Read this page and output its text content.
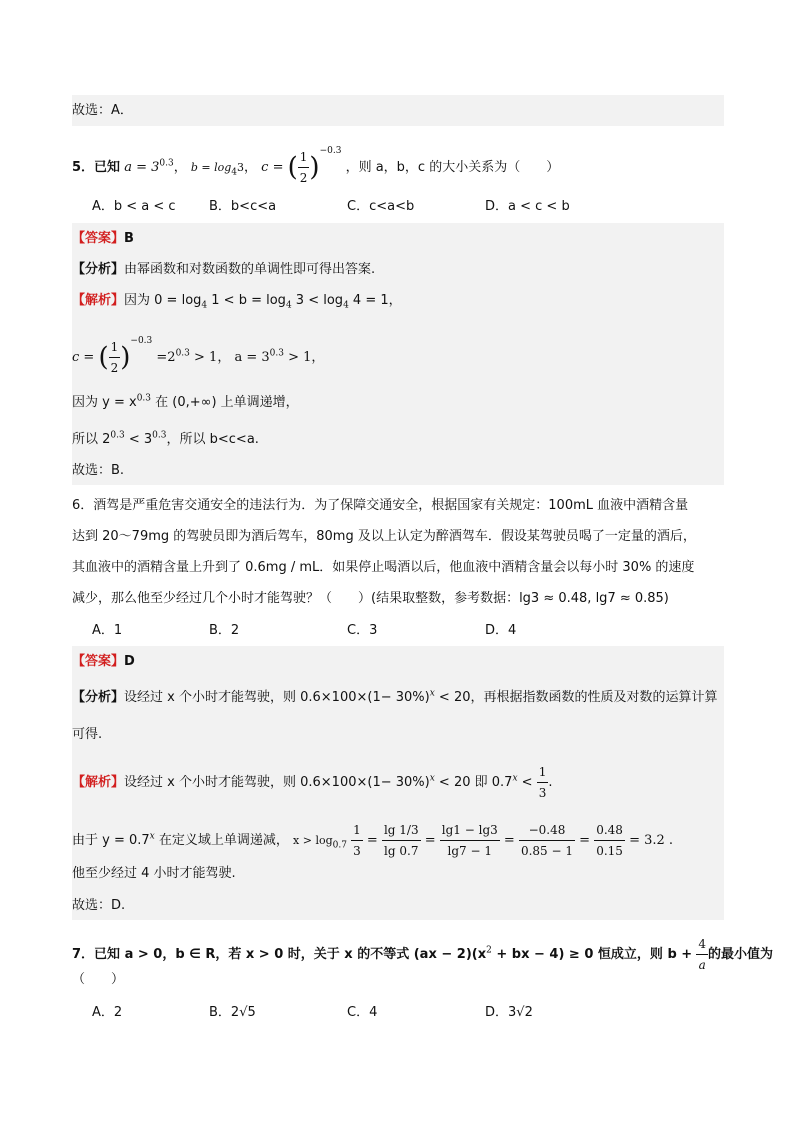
故选：A．
5．已知 $a = 3^{0.3}$， $b = \log_43$， c = ( $\frac{1}{2} )^{-0.3}$ ，则 a，b，c 的大小关系为（　　）
A．b < a < c	B．b<c<a	C．c<a<b	D．a < c < b
【答案】B
【分析】由幂函数和对数函数的单调性即可得出答案.
【解析】因为 $0 = \log_4 1 < b = \log_4 3 < \log_4 4 = 1$，
c = ( $\frac{1}{2} )^{-0.3} =2^{0.3} > 1$， $a = 3^{0.3} > 1$，
因为 $y = x^{0.3}$ 在 (0,+∞) 上单调递增，
所以 $2^{0.3} < 3^{0.3}$，所以 b<c<a.
故选：B.
6．酒驾是严重危害交通安全的违法行为．为了保障交通安全，根据国家有关规定：100mL 血液中酒精含量
达到 20～79mg 的驾驶员即为酒后驾车，80mg 及以上认定为醉酒驾车．假设某驾驶员喝了一定量的酒后，
其血液中的酒精含量上升到了 0.6mg / mL．如果停止喝酒以后，他血液中酒精含量会以每小时 30% 的速度
减少，那么他至少经过几个小时才能驾驶？（　　）(结果取整数，参考数据：lg3 ≈ 0.48, lg7 ≈ 0.85)
A．1	B．2	C．3	D．4
【答案】D
【分析】设经过 x 个小时才能驾驶，则 $0.6\times 100\times(1- 30\%)^x < 20$，再根据指数函数的性质及对数的运算计算
可得.
【解析】设经过 x 个小时才能驾驶，则 $0.6\times 100\times(1- 30\%)^x < 20$ 即 $0.7^x < \frac{1}{3}$ .
由于 $y = 0.7^x$ 在定义域上单调递减， $x > \log_{0.7} \frac{1}{3} = \frac{\lg 1/3}{\lg 0.7} = \frac{\lg 1 - \lg 3}{\lg 7 - 1} = \frac{-0.48}{0.85 - 1} = \frac{0.48}{0.15} = 3.2$ .
他至少经过 4 小时才能驾驶.
故选：D.
7．已知 a > 0，b ∈ R，若 x > 0 时，关于 x 的不等式 $(ax - 2)(x^2$ + bx − 4) ≥ 0 恒成立，则 $b + \frac{4}{a}$ 的最小值为
（　　）
A．2	B．2√5	C．4	D．3√2
